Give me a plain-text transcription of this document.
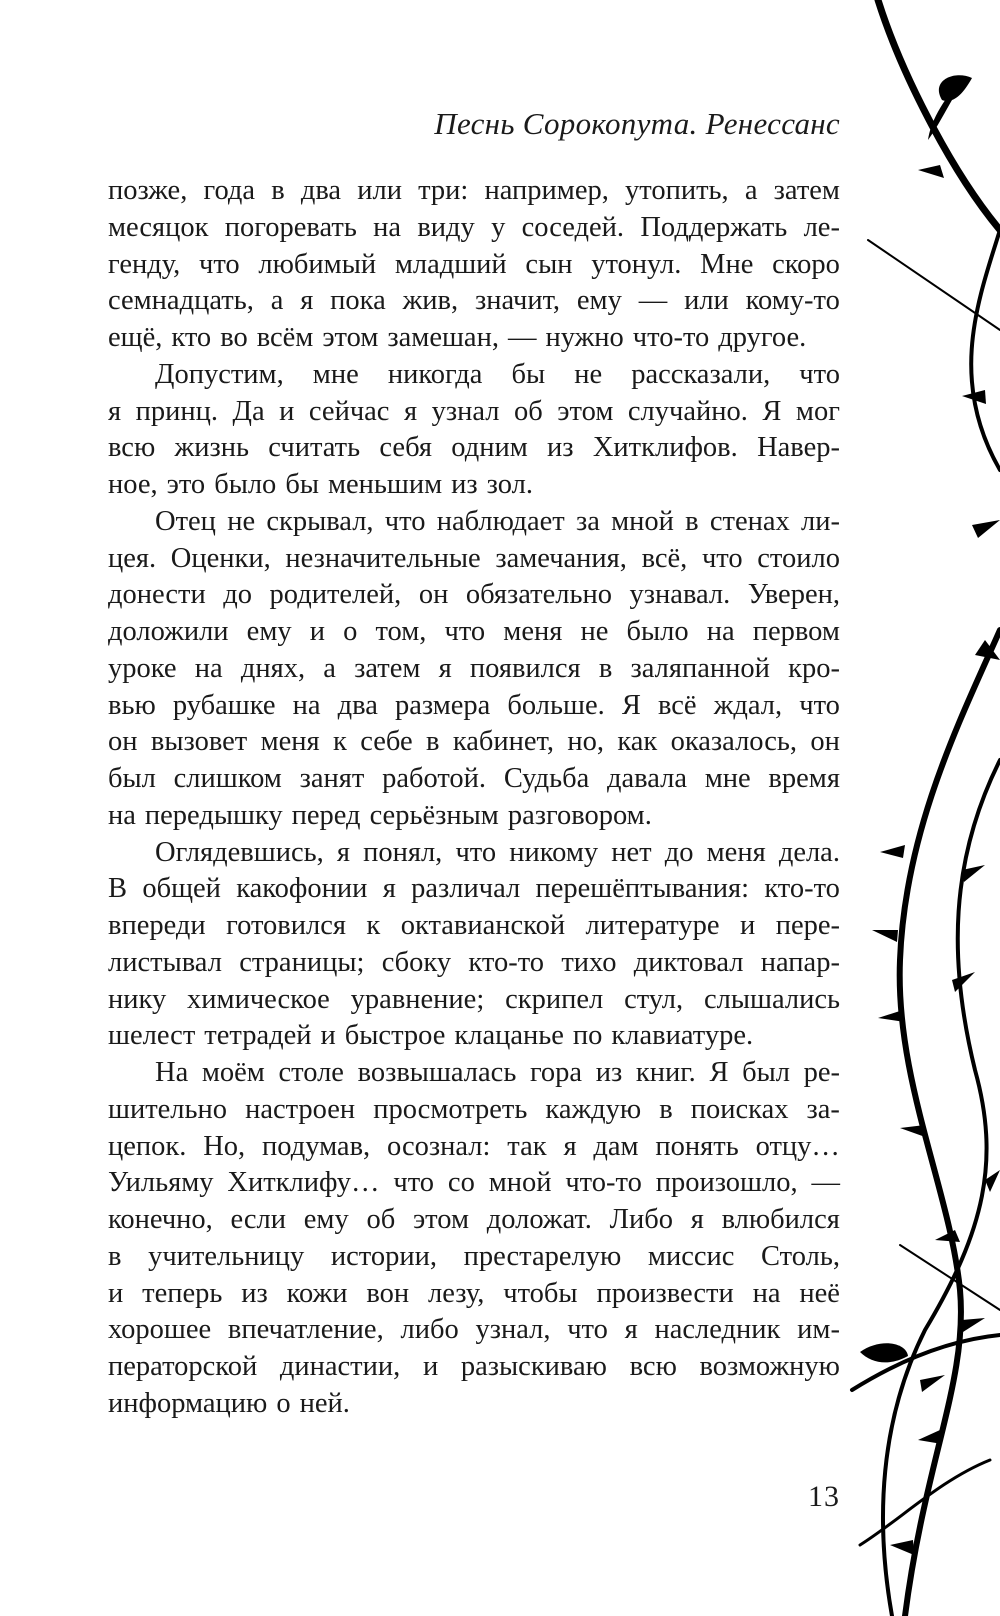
Песнь Сорокопута. Ренессанс
позже, года в два или три: например, утопить, а затем
месяцок погоревать на виду у соседей. Поддержать ле-
генду, что любимый младший сын утонул. Мне скоро
семнадцать, а я пока жив, значит, ему — или кому-то
ещё, кто во всём этом замешан, — нужно что-то другое.
Допустим, мне никогда бы не рассказали, что
я принц. Да и сейчас я узнал об этом случайно. Я мог
всю жизнь считать себя одним из Хитклифов. Навер-
ное, это было бы меньшим из зол.
Отец не скрывал, что наблюдает за мной в стенах ли-
цея. Оценки, незначительные замечания, всё, что стоило
донести до родителей, он обязательно узнавал. Уверен,
доложили ему и о том, что меня не было на первом
уроке на днях, а затем я появился в заляпанной кро-
вью рубашке на два размера больше. Я всё ждал, что
он вызовет меня к себе в кабинет, но, как оказалось, он
был слишком занят работой. Судьба давала мне время
на передышку перед серьёзным разговором.
Оглядевшись, я понял, что никому нет до меня дела.
В общей какофонии я различал перешёптывания: кто-то
впереди готовился к октавианской литературе и пере-
листывал страницы; сбоку кто-то тихо диктовал напар-
нику химическое уравнение; скрипел стул, слышались
шелест тетрадей и быстрое клацанье по клавиатуре.
На моём столе возвышалась гора из книг. Я был ре-
шительно настроен просмотреть каждую в поисках за-
цепок. Но, подумав, осознал: так я дам понять отцу…
Уильяму Хитклифу… что со мной что-то произошло, —
конечно, если ему об этом доложат. Либо я влюбился
в учительницу истории, престарелую миссис Столь,
и теперь из кожи вон лезу, чтобы произвести на неё
хорошее впечатление, либо узнал, что я наследник им-
ператорской династии, и разыскиваю всю возможную
информацию о ней.
13
